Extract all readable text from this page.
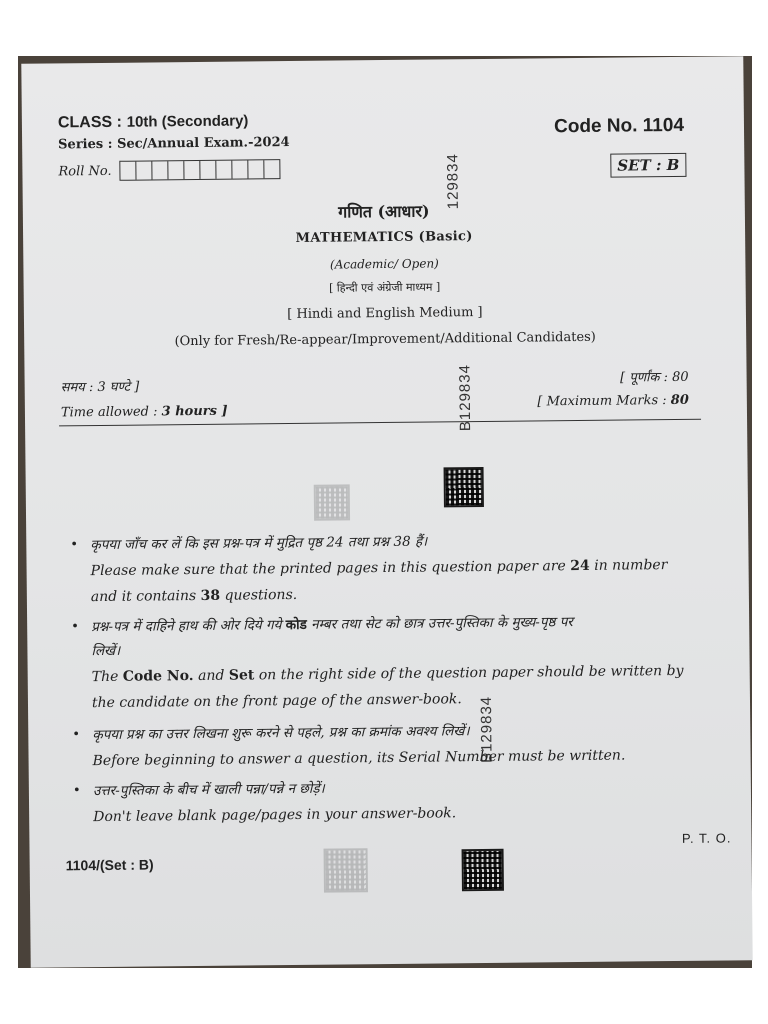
CLASS : 10th (Secondary)
Series : Sec/Annual Exam.-2024
Roll No.
Code No. 1104
SET : B
गणित (आधार)
MATHEMATICS (Basic)
(Academic/ Open)
[ हिन्दी एवं अंग्रेजी माध्यम ]
[ Hindi and English Medium ]
(Only for Fresh/Re-appear/Improvement/Additional Candidates)
129834
B129834
B129834
समय : 3 घण्टे ]
Time allowed : 3 hours ]
[ पूर्णांक : 80
[ Maximum Marks : 80
• कृपया जाँच कर लें कि इस प्रश्न-पत्र में मुद्रित पृष्ठ 24 तथा प्रश्न 38 हैं।
Please make sure that the printed pages in this question paper are 24 in number
and it contains 38 questions.
• प्रश्न-पत्र में दाहिने हाथ की ओर दिये गये कोड नम्बर तथा सेट को छात्र उत्तर-पुस्तिका के मुख्य-पृष्ठ पर
लिखें।
The Code No. and Set on the right side of the question paper should be written by
the candidate on the front page of the answer-book.
• कृपया प्रश्न का उत्तर लिखना शुरू करने से पहले, प्रश्न का क्रमांक अवश्य लिखें।
Before beginning to answer a question, its Serial Number must be written.
• उत्तर-पुस्तिका के बीच में खाली पन्ना/पन्ने न छोड़ें।
Don't leave blank page/pages in your answer-book.
P. T. O.
1104/(Set : B)
